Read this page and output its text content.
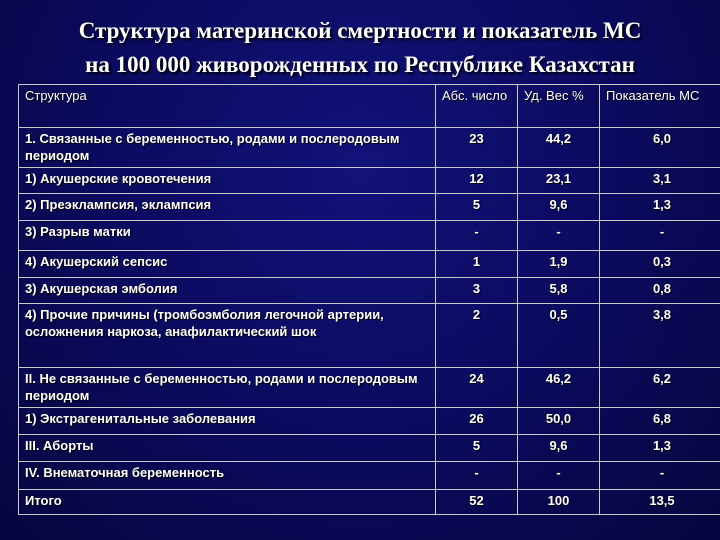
Структура материнской смертности и показатель МС
на 100 000 живорожденных по Республике Казахстан
Структура	Абс. число	Уд. Вес %	Показатель МС
1. Связанные с беременностью, родами и послеродовым периодом	23	44,2	6,0
1) Акушерские кровотечения	12	23,1	3,1
2) Преэклампсия, эклампсия	5	9,6	1,3
3) Разрыв матки	-	-	-
4) Акушерский сепсис	1	1,9	0,3
3) Акушерская эмболия	3	5,8	0,8
4) Прочие причины (тромбоэмболия легочной артерии, осложнения наркоза, анафилактический шок	2	0,5	3,8
II. Не связанные с беременностью, родами и послеродовым периодом	24	46,2	6,2
1) Экстрагенитальные заболевания	26	50,0	6,8
III. Аборты	5	9,6	1,3
IV. Внематочная беременность	-	-	-
Итого	52	100	13,5
